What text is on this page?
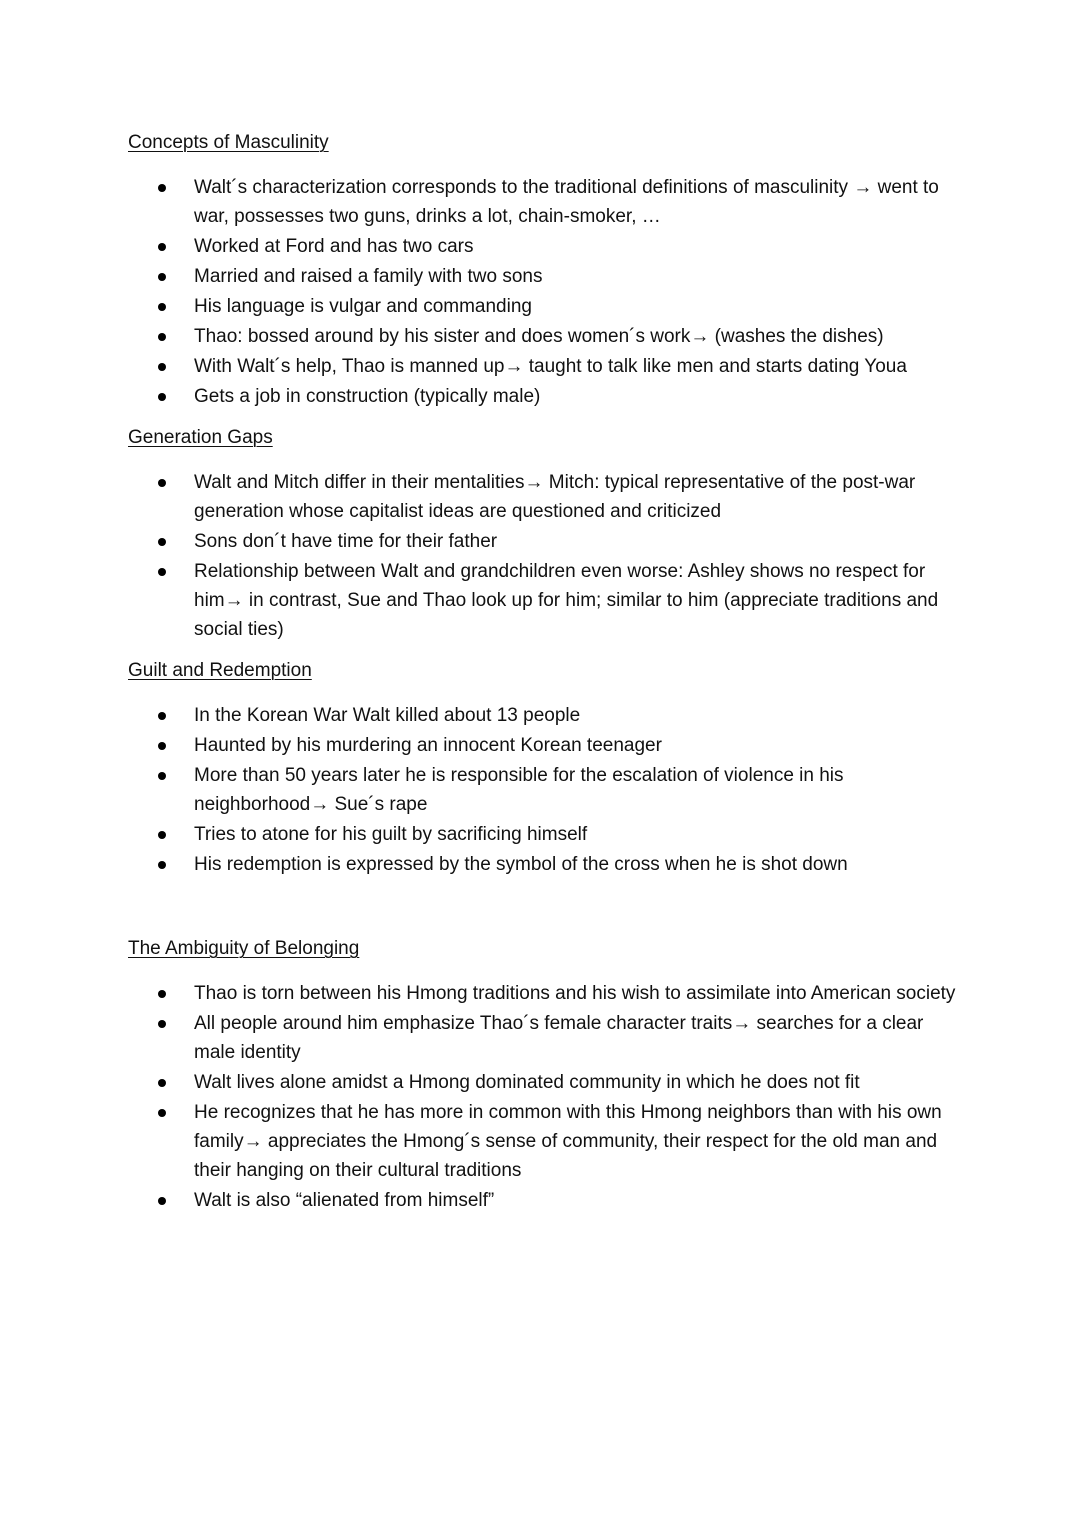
Concepts of Masculinity
Walt´s characterization corresponds to the traditional definitions of masculinity → went to war, possesses two guns, drinks a lot, chain-smoker, …
Worked at Ford and has two cars
Married and raised a family with two sons
His language is vulgar and commanding
Thao: bossed around by his sister and does women´s work→ (washes the dishes)
With Walt´s help, Thao is manned up→ taught to talk like men and starts dating Youa
Gets a job in construction (typically male)
Generation Gaps
Walt and Mitch differ in their mentalities→ Mitch: typical representative of the post-war generation whose capitalist ideas are questioned and criticized
Sons don´t have time for their father
Relationship between Walt and grandchildren even worse: Ashley shows no respect for him→ in contrast, Sue and Thao look up for him; similar to him (appreciate traditions and social ties)
Guilt and Redemption
In the Korean War Walt killed about 13 people
Haunted by his murdering an innocent Korean teenager
More than 50 years later he is responsible for the escalation of violence in his neighborhood→ Sue´s rape
Tries to atone for his guilt by sacrificing himself
His redemption is expressed by the symbol of the cross when he is shot down
The Ambiguity of Belonging
Thao is torn between his Hmong traditions and his wish to assimilate into American society
All people around him emphasize Thao´s female character traits→ searches for a clear male identity
Walt lives alone amidst a Hmong dominated community in which he does not fit
He recognizes that he has more in common with this Hmong neighbors than with his own family→ appreciates the Hmong´s sense of community, their respect for the old man and their hanging on their cultural traditions
Walt is also “alienated from himself”
